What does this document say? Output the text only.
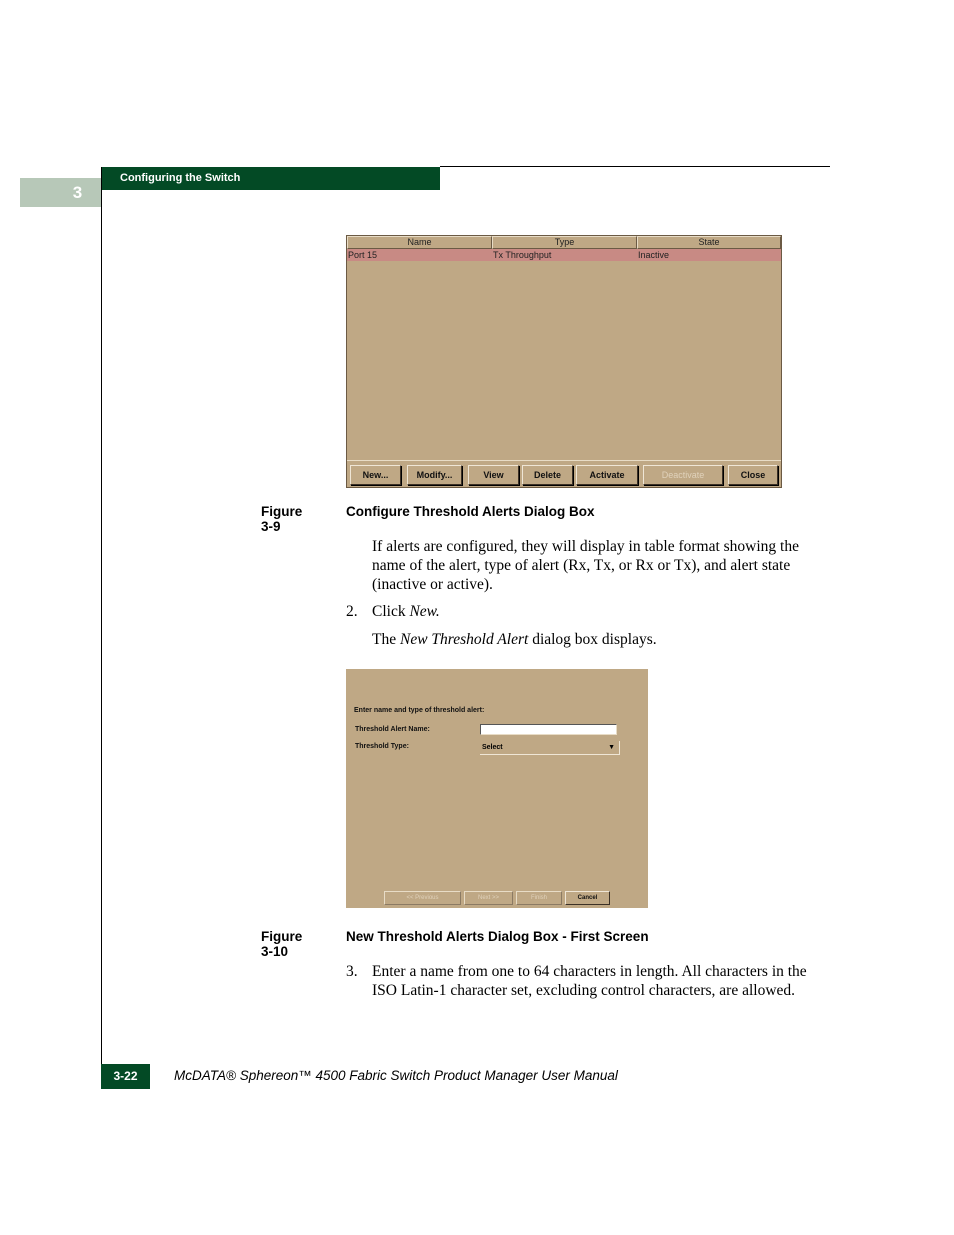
3
Configuring the Switch
Name	Type	State
Port 15	Tx Throughput	Inactive
New...	Modify...	View	Delete	Activate	Deactivate	Close
Figure 3-9
Configure Threshold Alerts Dialog Box
If alerts are configured, they will display in table format showing the name of the alert, type of alert (Rx, Tx, or Rx or Tx), and alert state (inactive or active).
2. Click New.
The New Threshold Alert dialog box displays.
Enter name and type of threshold alert:
Threshold Alert Name:
Threshold Type:	Select	▼
<< Previous	Next >>	Finish	Cancel
Figure 3-10
New Threshold Alerts Dialog Box - First Screen
3. Enter a name from one to 64 characters in length. All characters in the ISO Latin-1 character set, excluding control characters, are allowed.
3-22	McDATA® Sphereon™ 4500 Fabric Switch Product Manager User Manual
